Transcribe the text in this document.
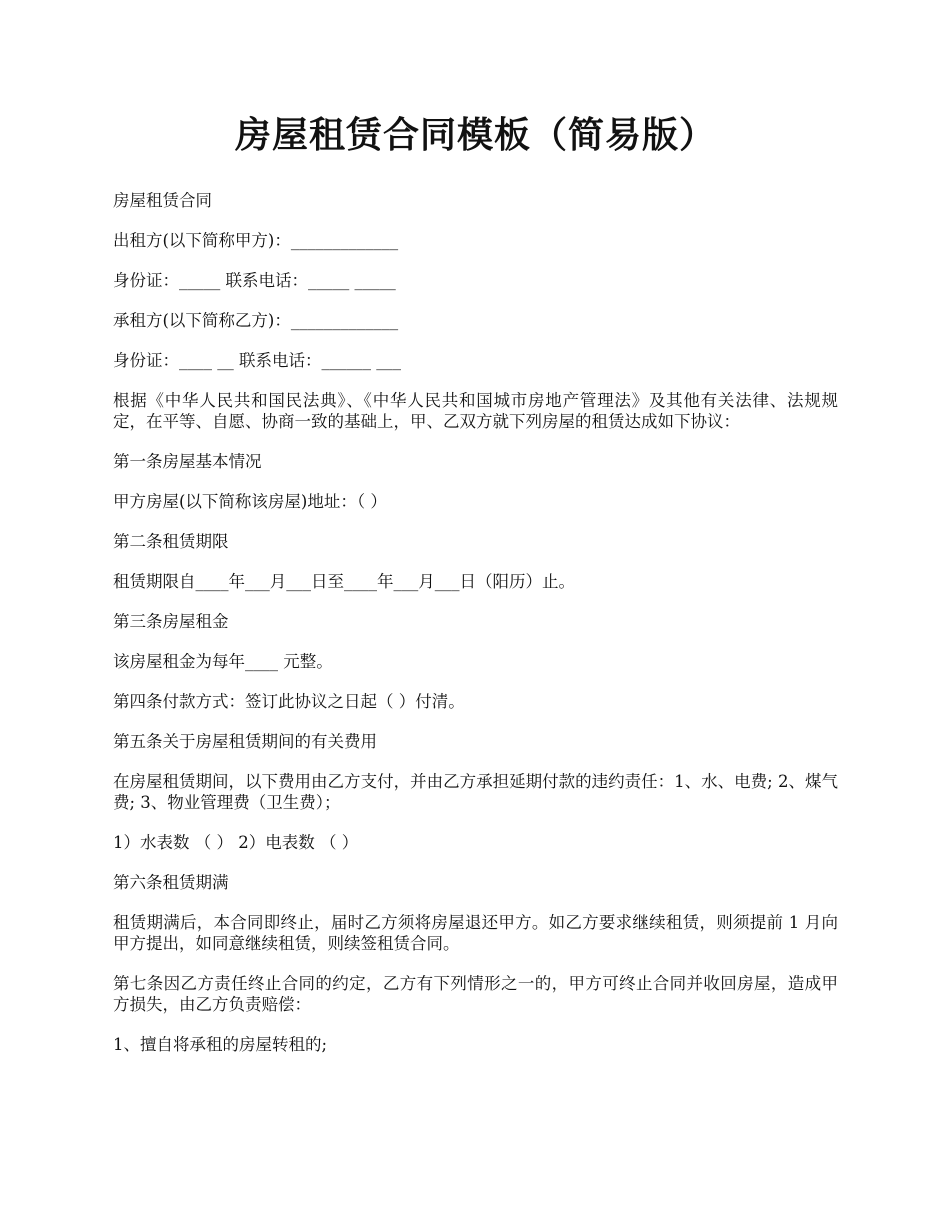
房屋租赁合同模板（简易版）

房屋租赁合同

出租方(以下简称甲方)：_____________

身份证：_____ 联系电话：_____ _____

承租方(以下简称乙方)：_____________

身份证：____ __ 联系电话：______ ___

根据《中华人民共和国民法典》、《中华人民共和国城市房地产管理法》及其他有关法律、法规规定，在平等、自愿、协商一致的基础上，甲、乙双方就下列房屋的租赁达成如下协议：

第一条房屋基本情况

甲方房屋(以下简称该房屋)地址：（ ）

第二条租赁期限

租赁期限自____年___月___日至____年___月___日（阳历）止。

第三条房屋租金

该房屋租金为每年____ 元整。

第四条付款方式：签订此协议之日起（ ）付清。

第五条关于房屋租赁期间的有关费用

在房屋租赁期间，以下费用由乙方支付，并由乙方承担延期付款的违约责任：1、水、电费; 2、煤气费; 3、物业管理费（卫生费）；

1）水表数 （ ） 2）电表数 （ ）

第六条租赁期满

租赁期满后，本合同即终止，届时乙方须将房屋退还甲方。如乙方要求继续租赁，则须提前 1 月向甲方提出，如同意继续租赁，则续签租赁合同。

第七条因乙方责任终止合同的约定，乙方有下列情形之一的，甲方可终止合同并收回房屋，造成甲方损失，由乙方负责赔偿：

1、擅自将承租的房屋转租的;
